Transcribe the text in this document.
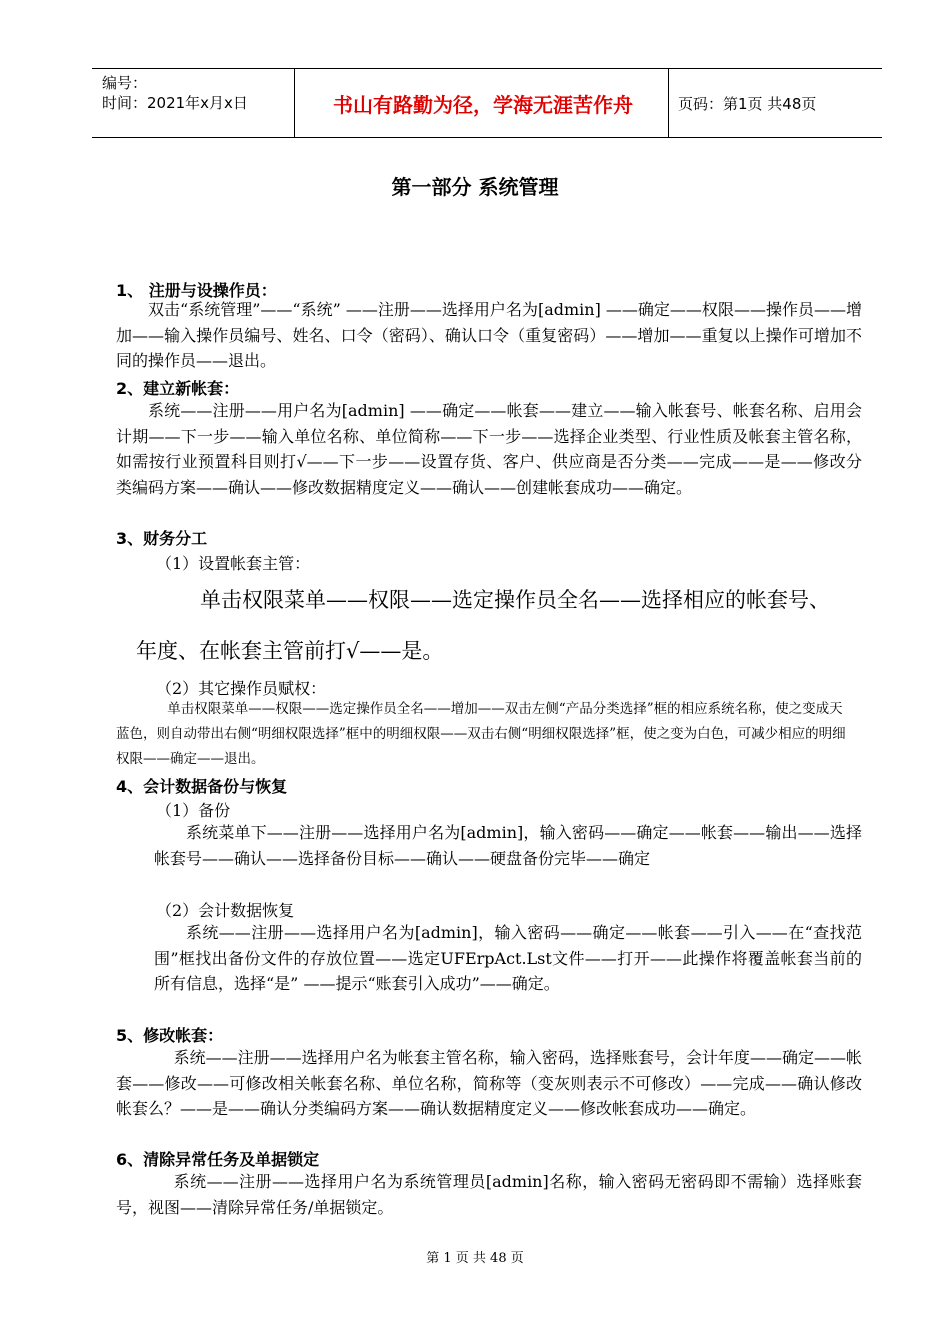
编号：
时间：2021年x月x日	书山有路勤为径，学海无涯苦作舟	页码：第1页 共48页
第一部分 系统管理
1、 注册与设操作员：
双击“系统管理”——“系统” ——注册——选择用户名为[admin] ——确定——权限——操作员——增加——输入操作员编号、姓名、口令（密码）、确认口令（重复密码）——增加——重复以上操作可增加不同的操作员——退出。
2、建立新帐套：
系统——注册——用户名为[admin] ——确定——帐套——建立——输入帐套号、帐套名称、启用会计期——下一步——输入单位名称、单位简称——下一步——选择企业类型、行业性质及帐套主管名称，如需按行业预置科目则打√——下一步——设置存货、客户、供应商是否分类——完成——是——修改分类编码方案——确认——修改数据精度定义——确认——创建帐套成功——确定。
3、财务分工
（1）设置帐套主管：
单击权限菜单——权限——选定操作员全名——选择相应的帐套号、
年度、在帐套主管前打√——是。
（2）其它操作员赋权：
单击权限菜单——权限——选定操作员全名——增加——双击左侧“产品分类选择”框的相应系统名称，使之变成天蓝色，则自动带出右侧“明细权限选择”框中的明细权限——双击右侧“明细权限选择”框，使之变为白色，可减少相应的明细权限——确定——退出。
4、会计数据备份与恢复
（1）备份
系统菜单下——注册——选择用户名为[admin]，输入密码——确定——帐套——输出——选择帐套号——确认——选择备份目标——确认——硬盘备份完毕——确定
（2）会计数据恢复
系统——注册——选择用户名为[admin]，输入密码——确定——帐套——引入——在“查找范围”框找出备份文件的存放位置——选定UFErpAct.Lst文件——打开——此操作将覆盖帐套当前的所有信息，选择“是” ——提示“账套引入成功”——确定。
5、修改帐套：
系统——注册——选择用户名为帐套主管名称，输入密码，选择账套号，会计年度——确定——帐套——修改——可修改相关帐套名称、单位名称，简称等（变灰则表示不可修改）——完成——确认修改帐套么？——是——确认分类编码方案——确认数据精度定义——修改帐套成功——确定。
6、清除异常任务及单据锁定
系统——注册——选择用户名为系统管理员[admin]名称，输入密码无密码即不需输）选择账套号，视图——清除异常任务/单据锁定。
第 1 页 共 48 页
